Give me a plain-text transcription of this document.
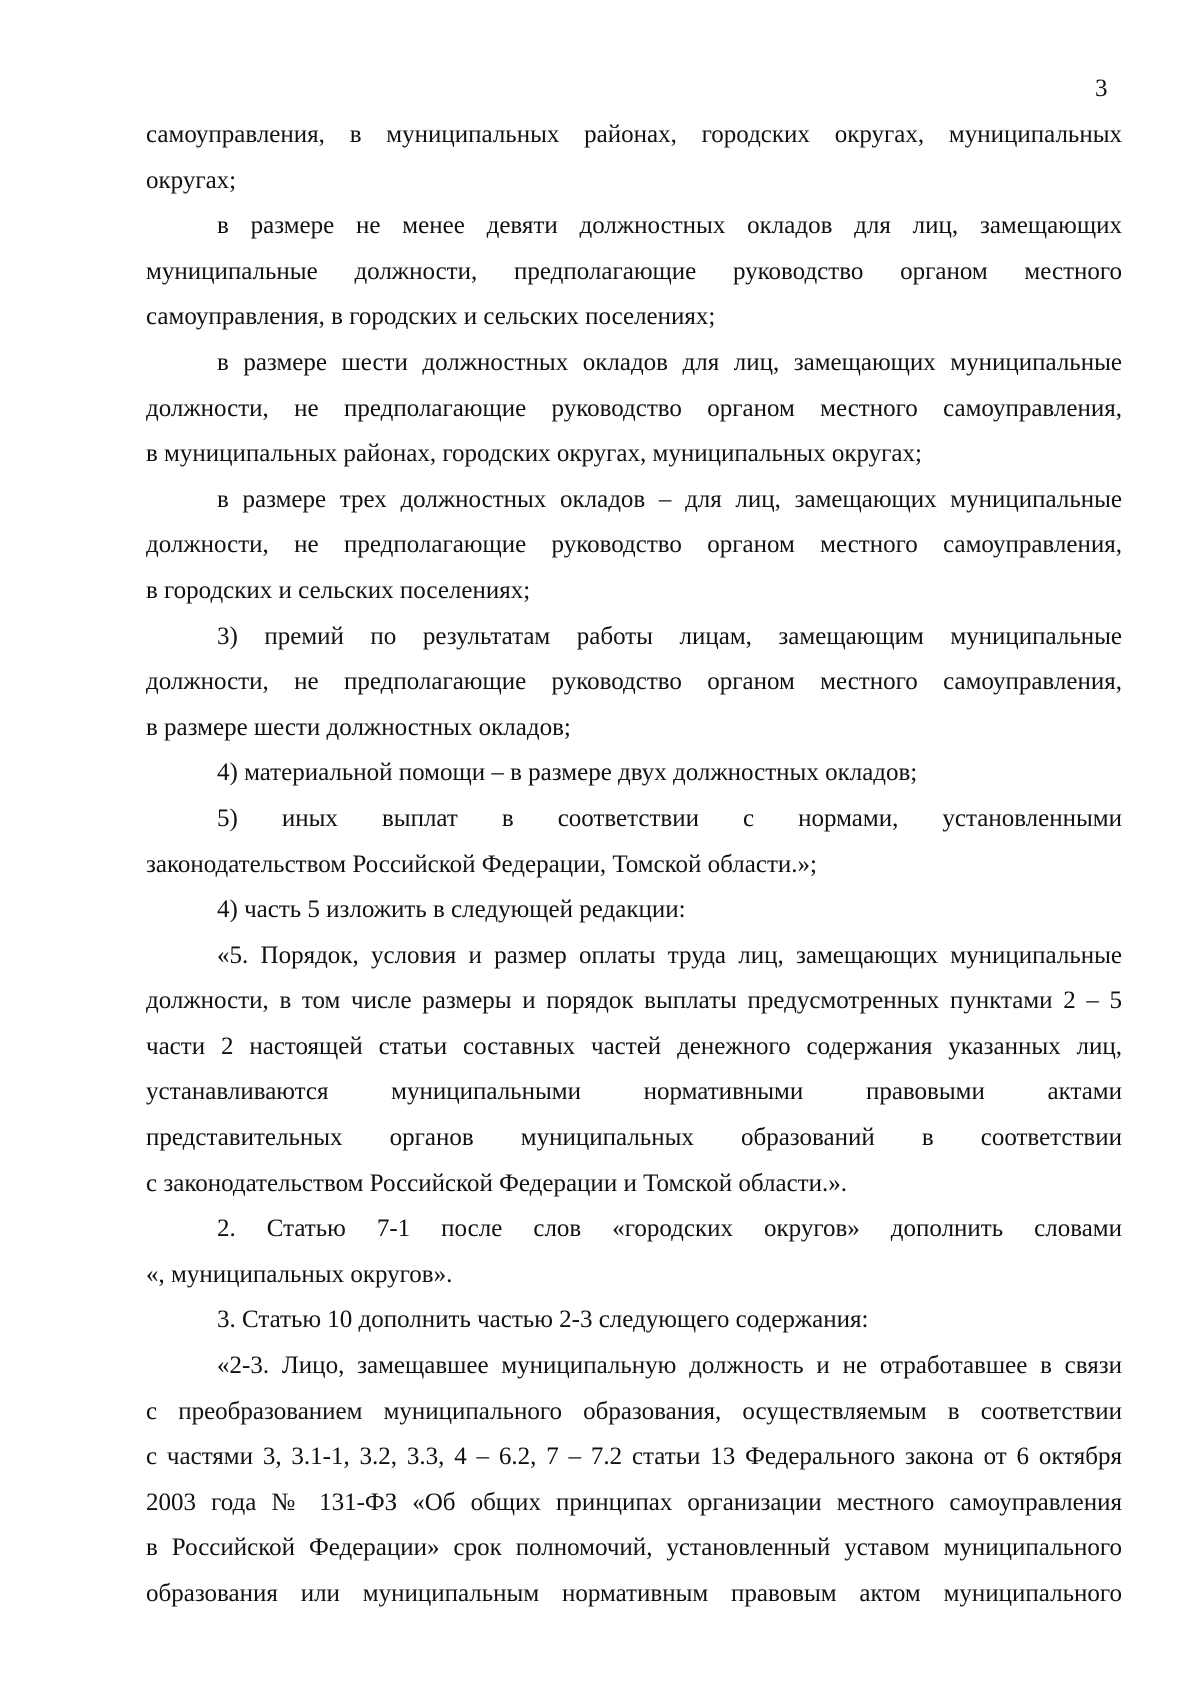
3
самоуправления, в муниципальных районах, городских округах, муниципальных
округах;
в размере не менее девяти должностных окладов для лиц, замещающих
муниципальные должности, предполагающие руководство органом местного
самоуправления, в городских и сельских поселениях;
в размере шести должностных окладов для лиц, замещающих муниципальные
должности, не предполагающие руководство органом местного самоуправления,
в муниципальных районах, городских округах, муниципальных округах;
в размере трех должностных окладов – для лиц, замещающих муниципальные
должности, не предполагающие руководство органом местного самоуправления,
в городских и сельских поселениях;
3) премий по результатам работы лицам, замещающим муниципальные
должности, не предполагающие руководство органом местного самоуправления,
в размере шести должностных окладов;
4) материальной помощи – в размере двух должностных окладов;
5) иных выплат в соответствии с нормами, установленными
законодательством Российской Федерации, Томской области.»;
4) часть 5 изложить в следующей редакции:
«5. Порядок, условия и размер оплаты труда лиц, замещающих муниципальные
должности, в том числе размеры и порядок выплаты предусмотренных пунктами 2 – 5
части 2 настоящей статьи составных частей денежного содержания указанных лиц,
устанавливаются муниципальными нормативными правовыми актами
представительных органов муниципальных образований в соответствии
с законодательством Российской Федерации и Томской области.».
2. Статью 7-1 после слов «городских округов» дополнить словами
«, муниципальных округов».
3. Статью 10 дополнить частью 2-3 следующего содержания:
«2-3. Лицо, замещавшее муниципальную должность и не отработавшее в связи
с преобразованием муниципального образования, осуществляемым в соответствии
с частями 3, 3.1-1, 3.2, 3.3, 4 – 6.2, 7 – 7.2 статьи 13 Федерального закона от 6 октября
2003 года № 131-ФЗ «Об общих принципах организации местного самоуправления
в Российской Федерации» срок полномочий, установленный уставом муниципального
образования или муниципальным нормативным правовым актом муниципального
